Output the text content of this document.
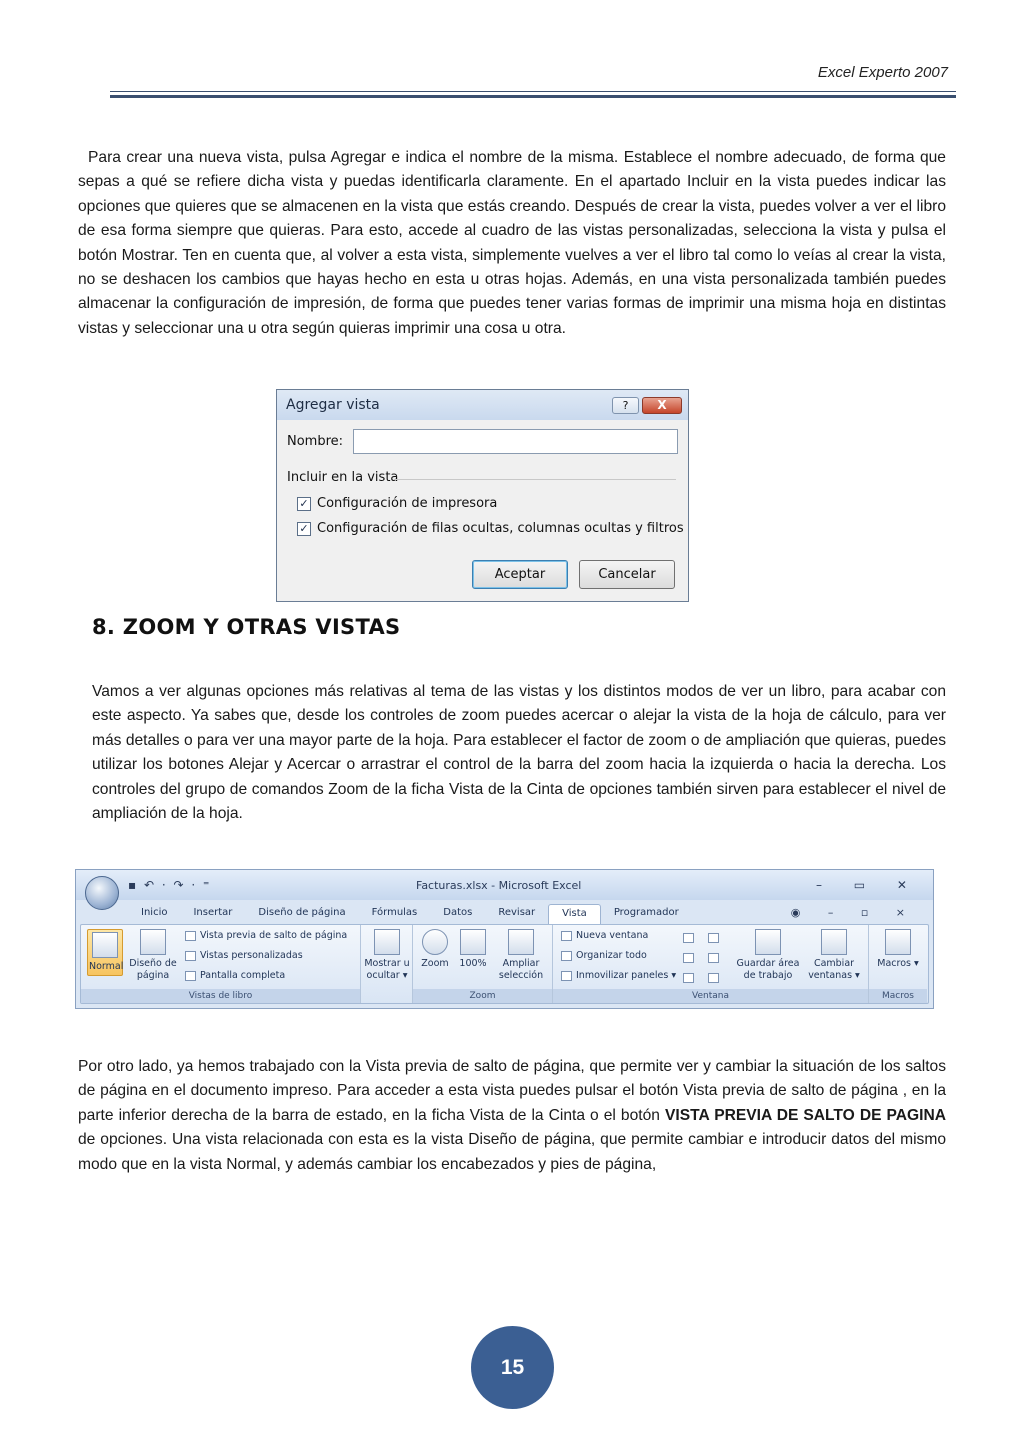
Excel Experto 2007
Para crear una nueva vista, pulsa Agregar e indica el nombre de la misma. Establece el nombre adecuado, de forma que sepas a qué se refiere dicha vista y puedas identificarla claramente. En el apartado Incluir en la vista puedes indicar las opciones que quieres que se almacenen en la vista que estás creando. Después de crear la vista, puedes volver a ver el libro de esa forma siempre que quieras. Para esto, accede al cuadro de las vistas personalizadas, selecciona la vista y pulsa el botón Mostrar. Ten en cuenta que, al volver a esta vista, simplemente vuelves a ver el libro tal como lo veías al crear la vista, no se deshacen los cambios que hayas hecho en esta u otras hojas. Además, en una vista personalizada también puedes almacenar la configuración de impresión, de forma que puedes tener varias formas de imprimir una misma hoja en distintas vistas y seleccionar una u otra según quieras imprimir una cosa u otra.
Agregar vista	?	X
Nombre:
Incluir en la vista
✓ Configuración de impresora
✓ Configuración de filas ocultas, columnas ocultas y filtros
Aceptar	Cancelar
8. ZOOM Y OTRAS VISTAS
Vamos a ver algunas opciones más relativas al tema de las vistas y los distintos modos de ver un libro, para acabar con este aspecto. Ya sabes que, desde los controles de zoom puedes acercar o alejar la vista de la hoja de cálculo, para ver más detalles o para ver una mayor parte de la hoja. Para establecer el factor de zoom o de ampliación que quieras, puedes utilizar los botones Alejar y Acercar o arrastrar el control de la barra del zoom hacia la izquierda o hacia la derecha. Los controles del grupo de comandos Zoom de la ficha Vista de la Cinta de opciones también sirven para establecer el nivel de ampliación de la hoja.
▪ ↶ · ↷ · ⁼	Facturas.xlsx - Microsoft Excel	– ▭ ✕
Inicio	Insertar	Diseño de página	Fórmulas	Datos	Revisar	Vista	Programador	◉ – ▫ ×
Normal Diseño de página
Vista previa de salto de página
Vistas personalizadas
Pantalla completa
Vistas de libro
Mostrar u ocultar ▾
Zoom	100%	Ampliar selección
Zoom
Nueva ventana
Organizar todo
Inmovilizar paneles ▾
Guardar área de trabajo
Cambiar ventanas ▾
Ventana
Macros ▾
Macros
Por otro lado, ya hemos trabajado con la Vista previa de salto de página, que permite ver y cambiar la situación de los saltos de página en el documento impreso. Para acceder a esta vista puedes pulsar el botón Vista previa de salto de página , en la parte inferior derecha de la barra de estado, en la ficha Vista de la Cinta o el botón VISTA PREVIA DE SALTO DE PAGINA de opciones. Una vista relacionada con esta es la vista Diseño de página, que permite cambiar e introducir datos del mismo modo que en la vista Normal, y además cambiar los encabezados y pies de página,
15
